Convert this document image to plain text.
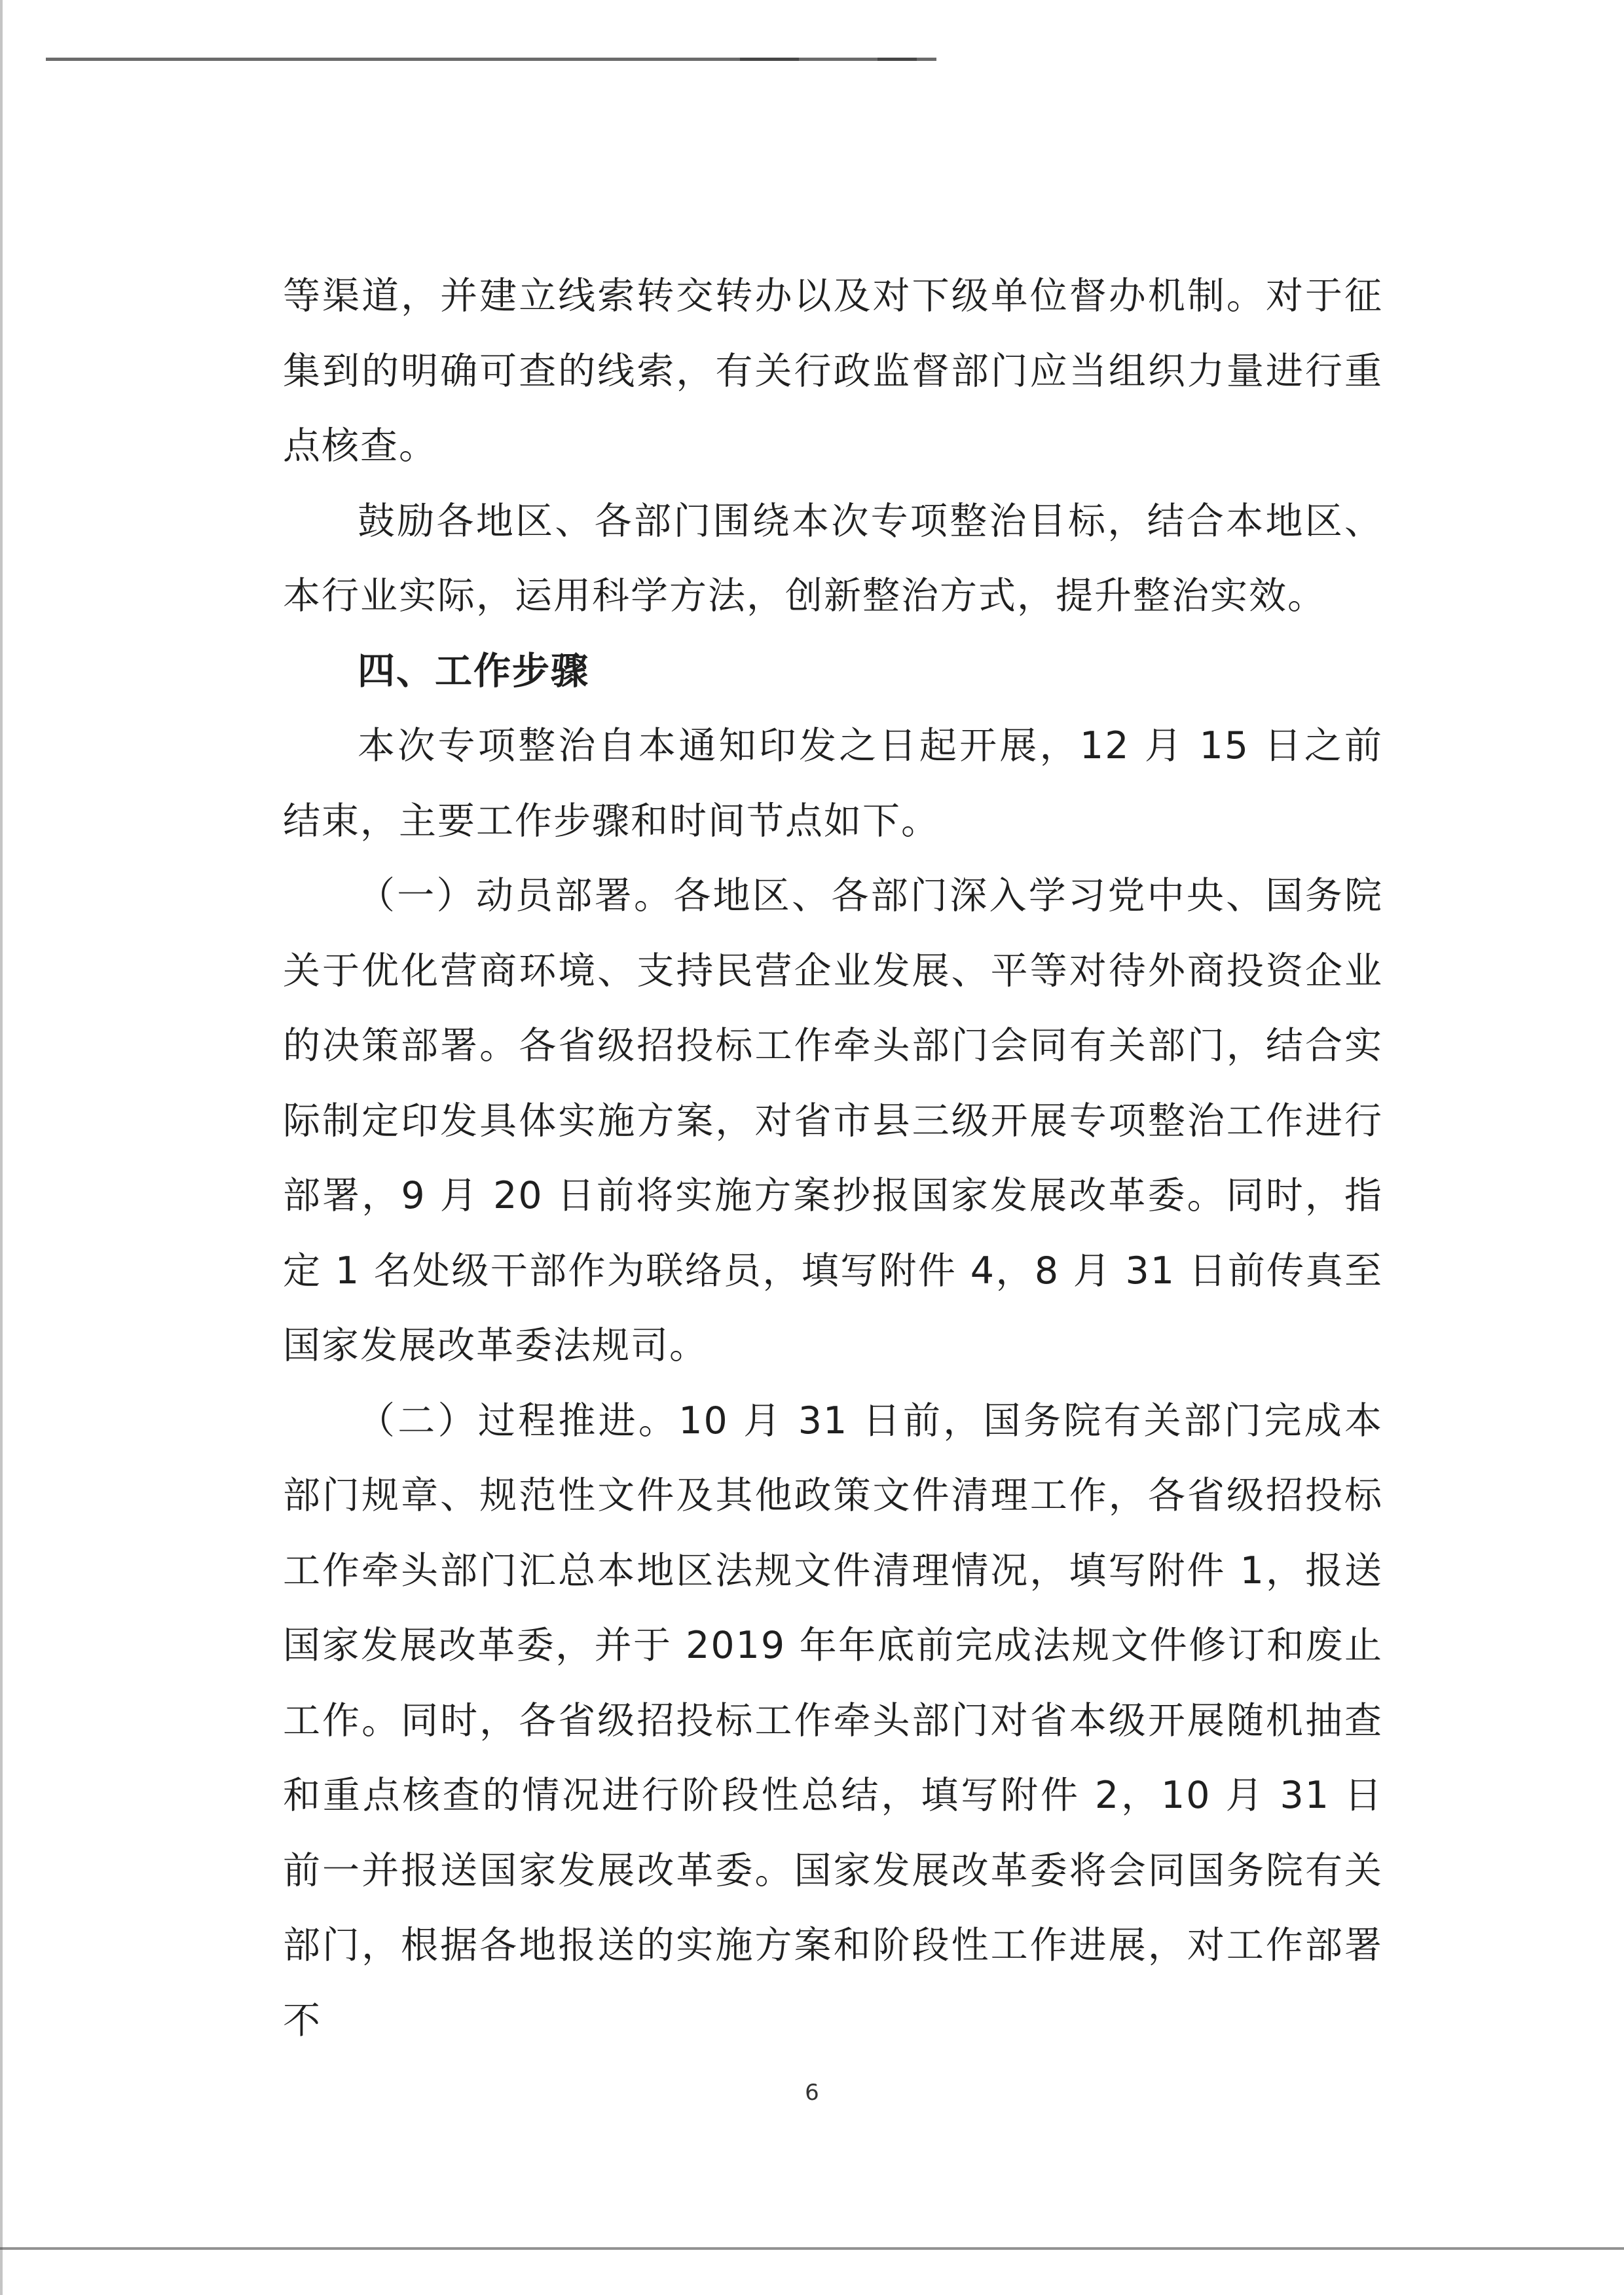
等渠道，并建立线索转交转办以及对下级单位督办机制。对于征集到的明确可查的线索，有关行政监督部门应当组织力量进行重点核查。

鼓励各地区、各部门围绕本次专项整治目标，结合本地区、本行业实际，运用科学方法，创新整治方式，提升整治实效。

四、工作步骤

本次专项整治自本通知印发之日起开展，12 月 15 日之前结束，主要工作步骤和时间节点如下。

（一）动员部署。各地区、各部门深入学习党中央、国务院关于优化营商环境、支持民营企业发展、平等对待外商投资企业的决策部署。各省级招投标工作牵头部门会同有关部门，结合实际制定印发具体实施方案，对省市县三级开展专项整治工作进行部署，9 月 20 日前将实施方案抄报国家发展改革委。同时，指定 1 名处级干部作为联络员，填写附件 4，8 月 31 日前传真至国家发展改革委法规司。

（二）过程推进。10 月 31 日前，国务院有关部门完成本部门规章、规范性文件及其他政策文件清理工作，各省级招投标工作牵头部门汇总本地区法规文件清理情况，填写附件 1，报送国家发展改革委，并于 2019 年年底前完成法规文件修订和废止工作。同时，各省级招投标工作牵头部门对省本级开展随机抽查和重点核查的情况进行阶段性总结，填写附件 2，10 月 31 日前一并报送国家发展改革委。国家发展改革委将会同国务院有关部门，根据各地报送的实施方案和阶段性工作进展，对工作部署不

6
